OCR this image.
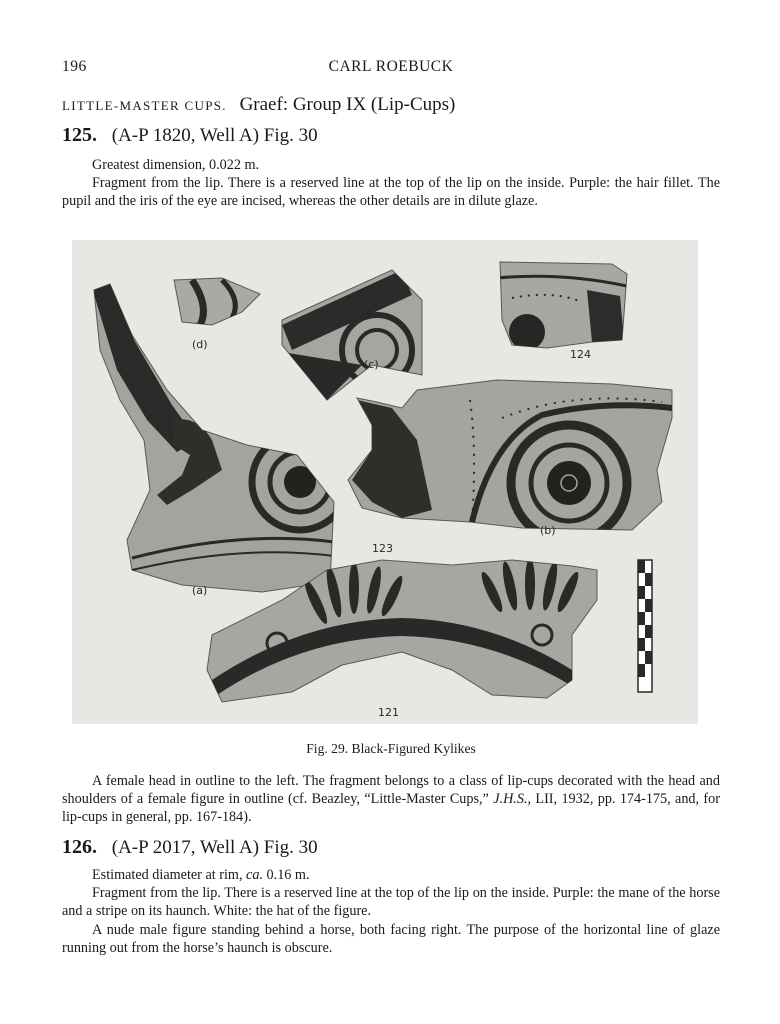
196	CARL ROEBUCK
LITTLE-MASTER CUPS. Graef: Group IX (Lip-Cups)
125. (A-P 1820, Well A) Fig. 30

Greatest dimension, 0.022 m.

Fragment from the lip. There is a reserved line at the top of the lip on the inside. Purple: the hair fillet. The pupil and the iris of the eye are incised, whereas the other details are in dilute glaze.

(d)
(c)
124
(b)
123
(a)
121
Fig. 29. Black-Figured Kylikes

A female head in outline to the left. The fragment belongs to a class of lip-cups decorated with the head and shoulders of a female figure in outline (cf. Beazley, “Little-Master Cups,” J.H.S., LII, 1932, pp. 174-175, and, for lip-cups in general, pp. 167-184).

126. (A-P 2017, Well A) Fig. 30

Estimated diameter at rim, ca. 0.16 m.

Fragment from the lip. There is a reserved line at the top of the lip on the inside. Purple: the mane of the horse and a stripe on its haunch. White: the hat of the figure.

A nude male figure standing behind a horse, both facing right. The purpose of the horizontal line of glaze running out from the horse’s haunch is obscure.
